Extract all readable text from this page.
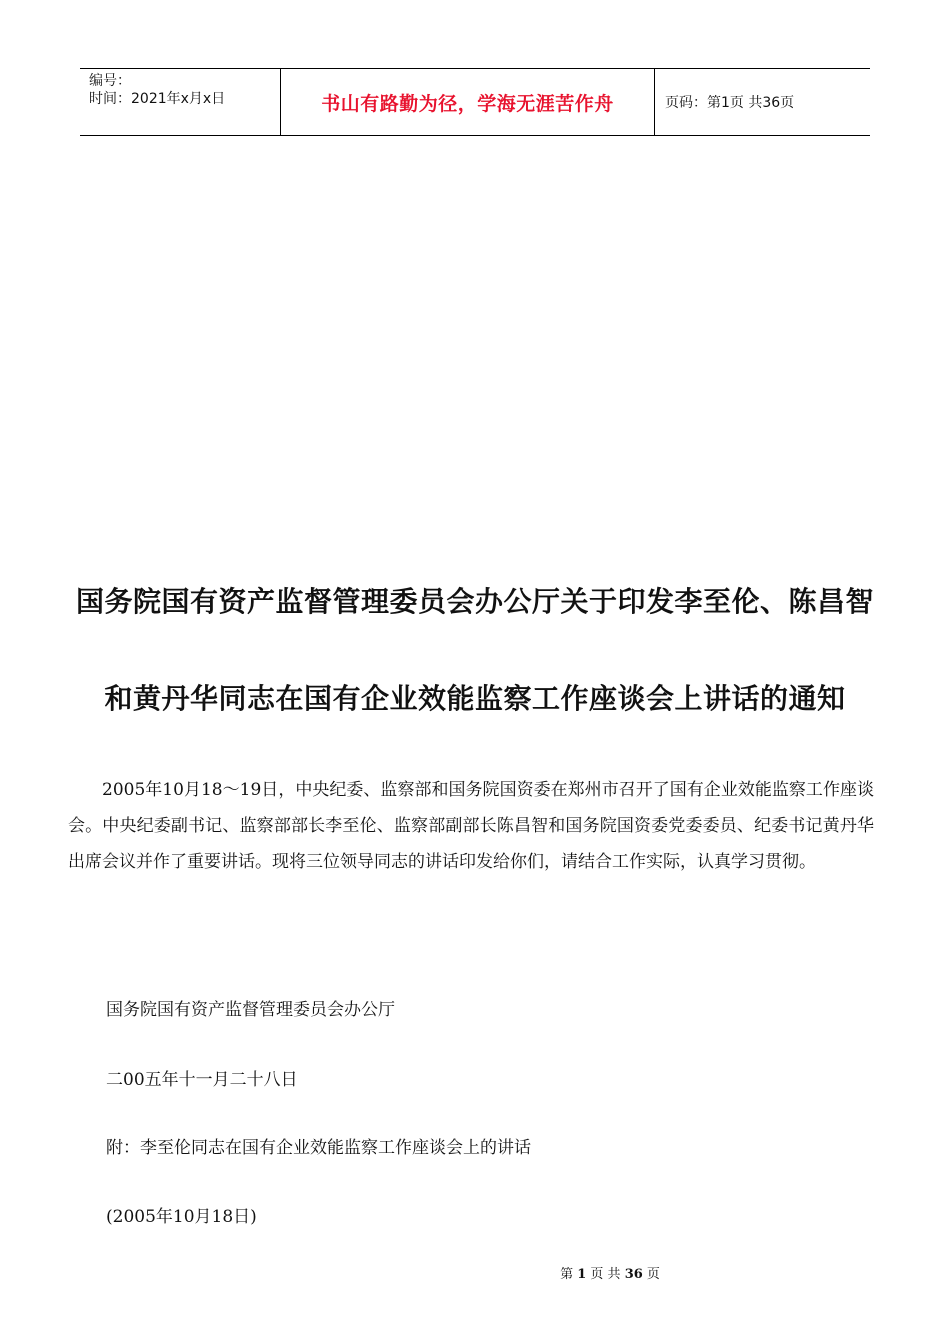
编号：
时间：2021年x月x日	书山有路勤为径，学海无涯苦作舟	页码：第1页 共36页
国务院国有资产监督管理委员会办公厅关于印发李至伦、陈昌智
和黄丹华同志在国有企业效能监察工作座谈会上讲话的通知

2005年10月18～19日，中央纪委、监察部和国务院国资委在郑州市召开了国有企业效能监察工作座谈会。中央纪委副书记、监察部部长李至伦、监察部副部长陈昌智和国务院国资委党委委员、纪委书记黄丹华出席会议并作了重要讲话。现将三位领导同志的讲话印发给你们，请结合工作实际，认真学习贯彻。

国务院国有资产监督管理委员会办公厅
二00五年十一月二十八日
附：李至伦同志在国有企业效能监察工作座谈会上的讲话
(2005年10月18日)
第 1 页 共 36 页
